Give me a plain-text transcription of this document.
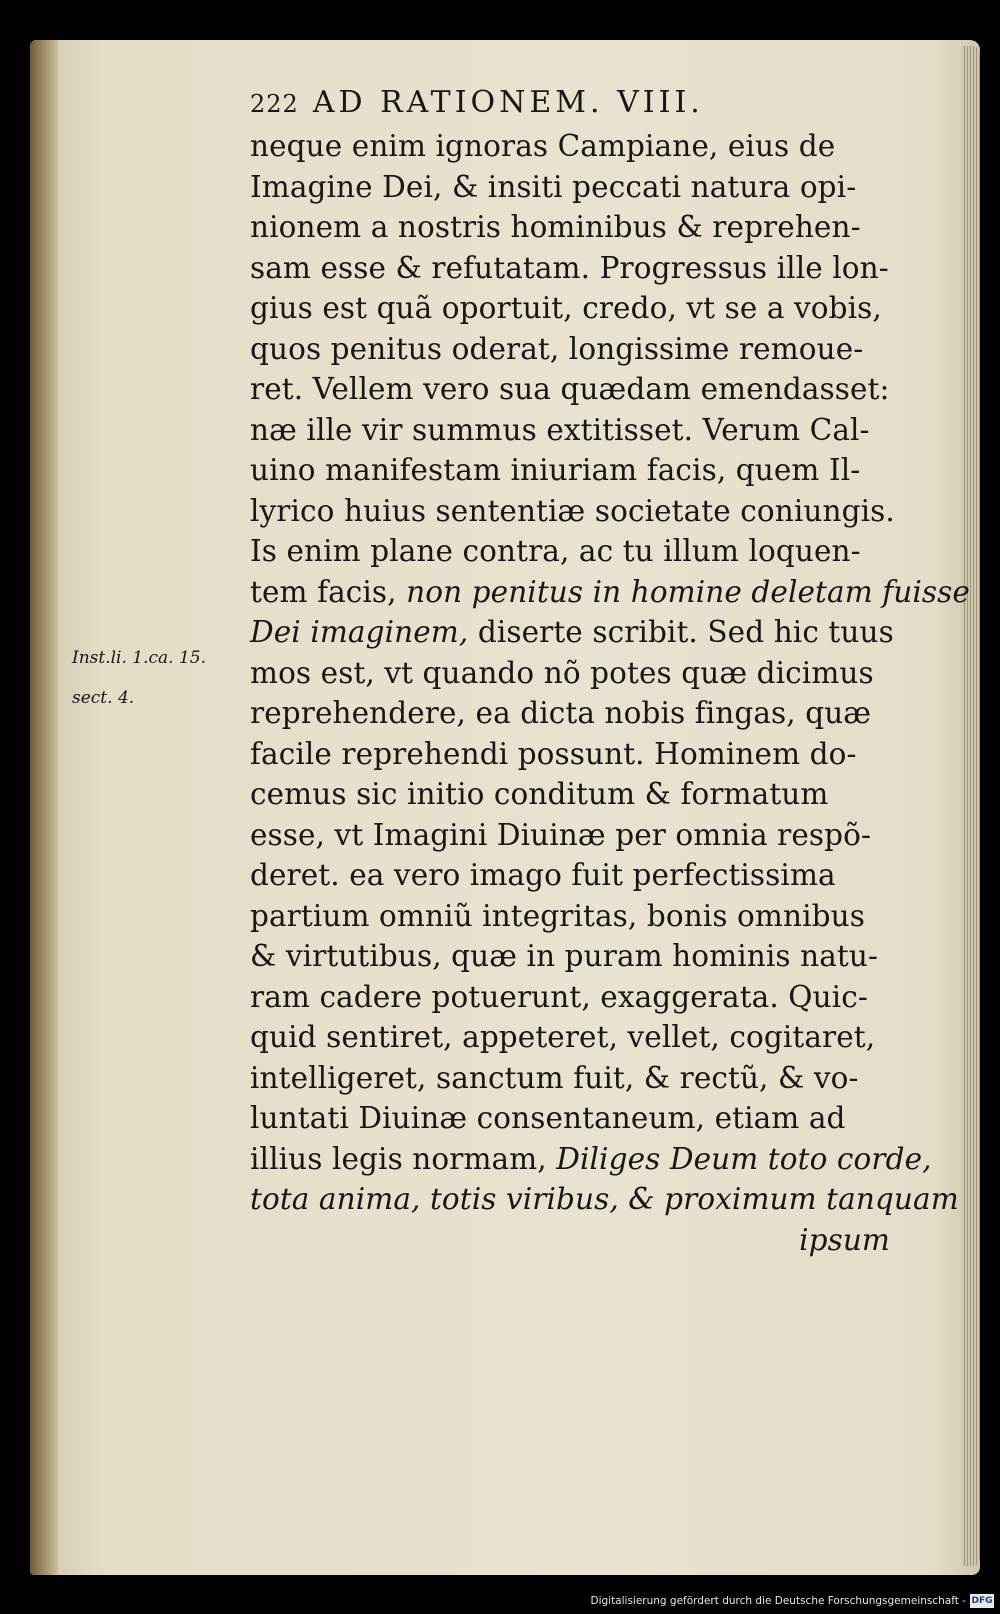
222 AD RATIONEM. VIII.
neque enim ignoras Campiane, eius de
Imagine Dei, & insiti peccati natura opi-
nionem a nostris hominibus & reprehen-
sam esse & refutatam. Progressus ille lon-
gius est quã oportuit, credo, vt se a vobis,
quos penitus oderat, longissime remoue-
ret. Vellem vero sua quædam emendasset:
næ ille vir summus extitisset. Verum Cal-
uino manifestam iniuriam facis, quem Il-
lyrico huius sententiæ societate coniungis.
Is enim plane contra, ac tu illum loquen-
tem facis, non penitus in homine deletam fuisse
Dei imaginem, diserte scribit. Sed hic tuus
mos est, vt quando nõ potes quæ dicimus
reprehendere, ea dicta nobis fingas, quæ
facile reprehendi possunt. Hominem do-
cemus sic initio conditum & formatum
esse, vt Imagini Diuinæ per omnia respõ-
deret. ea vero imago fuit perfectissima
partium omniũ integritas, bonis omnibus
& virtutibus, quæ in puram hominis natu-
ram cadere potuerunt, exaggerata. Quic-
quid sentiret, appeteret, vellet, cogitaret,
intelligeret, sanctum fuit, & rectũ, & vo-
luntati Diuinæ consentaneum, etiam ad
illius legis normam, Diliges Deum toto corde,
tota anima, totis viribus, & proximum tanquam
ipsum
Inst.li. 1.ca. 15.
sect. 4.
Digitalisierung gefördert durch die Deutsche Forschungsgemeinschaft - DFG
